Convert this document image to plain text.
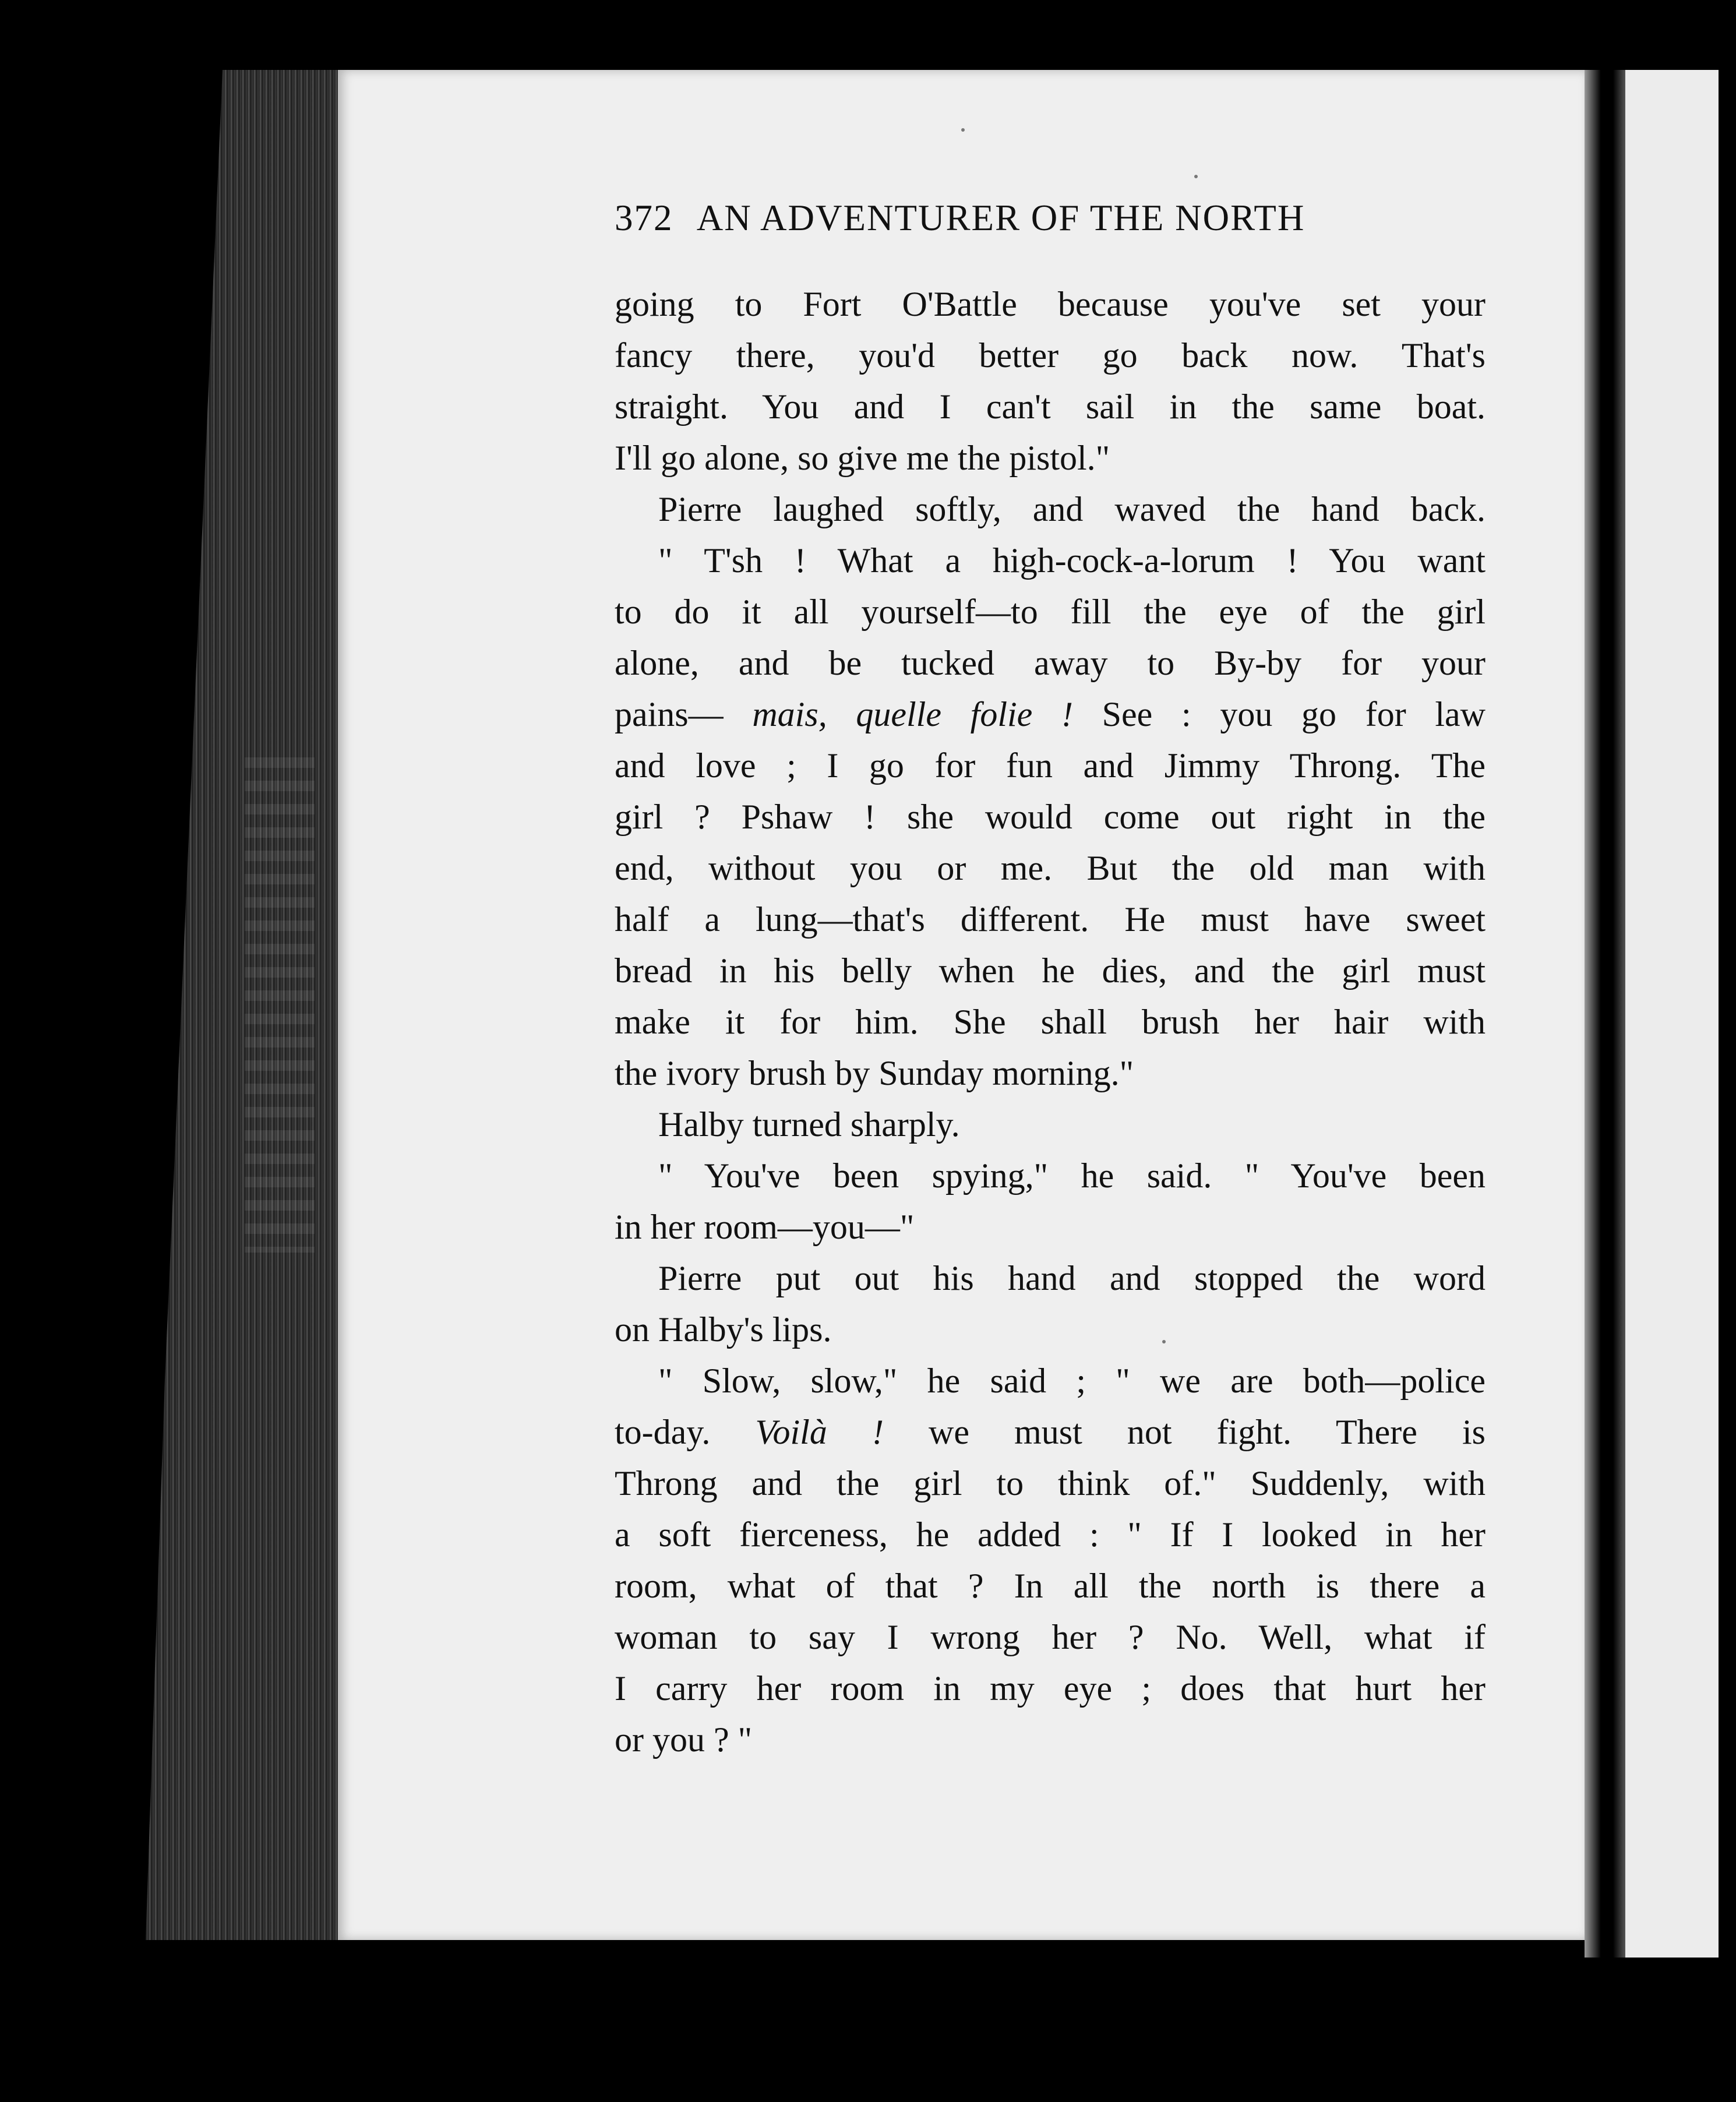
372 AN ADVENTURER OF THE NORTH
going to Fort O'Battle because you've set your
fancy there, you'd better go back now. That's
straight. You and I can't sail in the same boat.
I'll go alone, so give me the pistol."
Pierre laughed softly, and waved the hand back.
" T'sh ! What a high-cock-a-lorum ! You want
to do it all yourself—to fill the eye of the girl
alone, and be tucked away to By-by for your
pains— mais, quelle folie ! See : you go for law
and love ; I go for fun and Jimmy Throng. The
girl ? Pshaw ! she would come out right in the
end, without you or me. But the old man with
half a lung—that's different. He must have sweet
bread in his belly when he dies, and the girl must
make it for him. She shall brush her hair with
the ivory brush by Sunday morning."
Halby turned sharply.
" You've been spying," he said. " You've been
in her room—you—"
Pierre put out his hand and stopped the word
on Halby's lips.
" Slow, slow," he said ; " we are both—police
to-day. Voilà ! we must not fight. There is
Throng and the girl to think of." Suddenly, with
a soft fierceness, he added : " If I looked in her
room, what of that ? In all the north is there a
woman to say I wrong her ? No. Well, what if
I carry her room in my eye ; does that hurt her
or you ? "
